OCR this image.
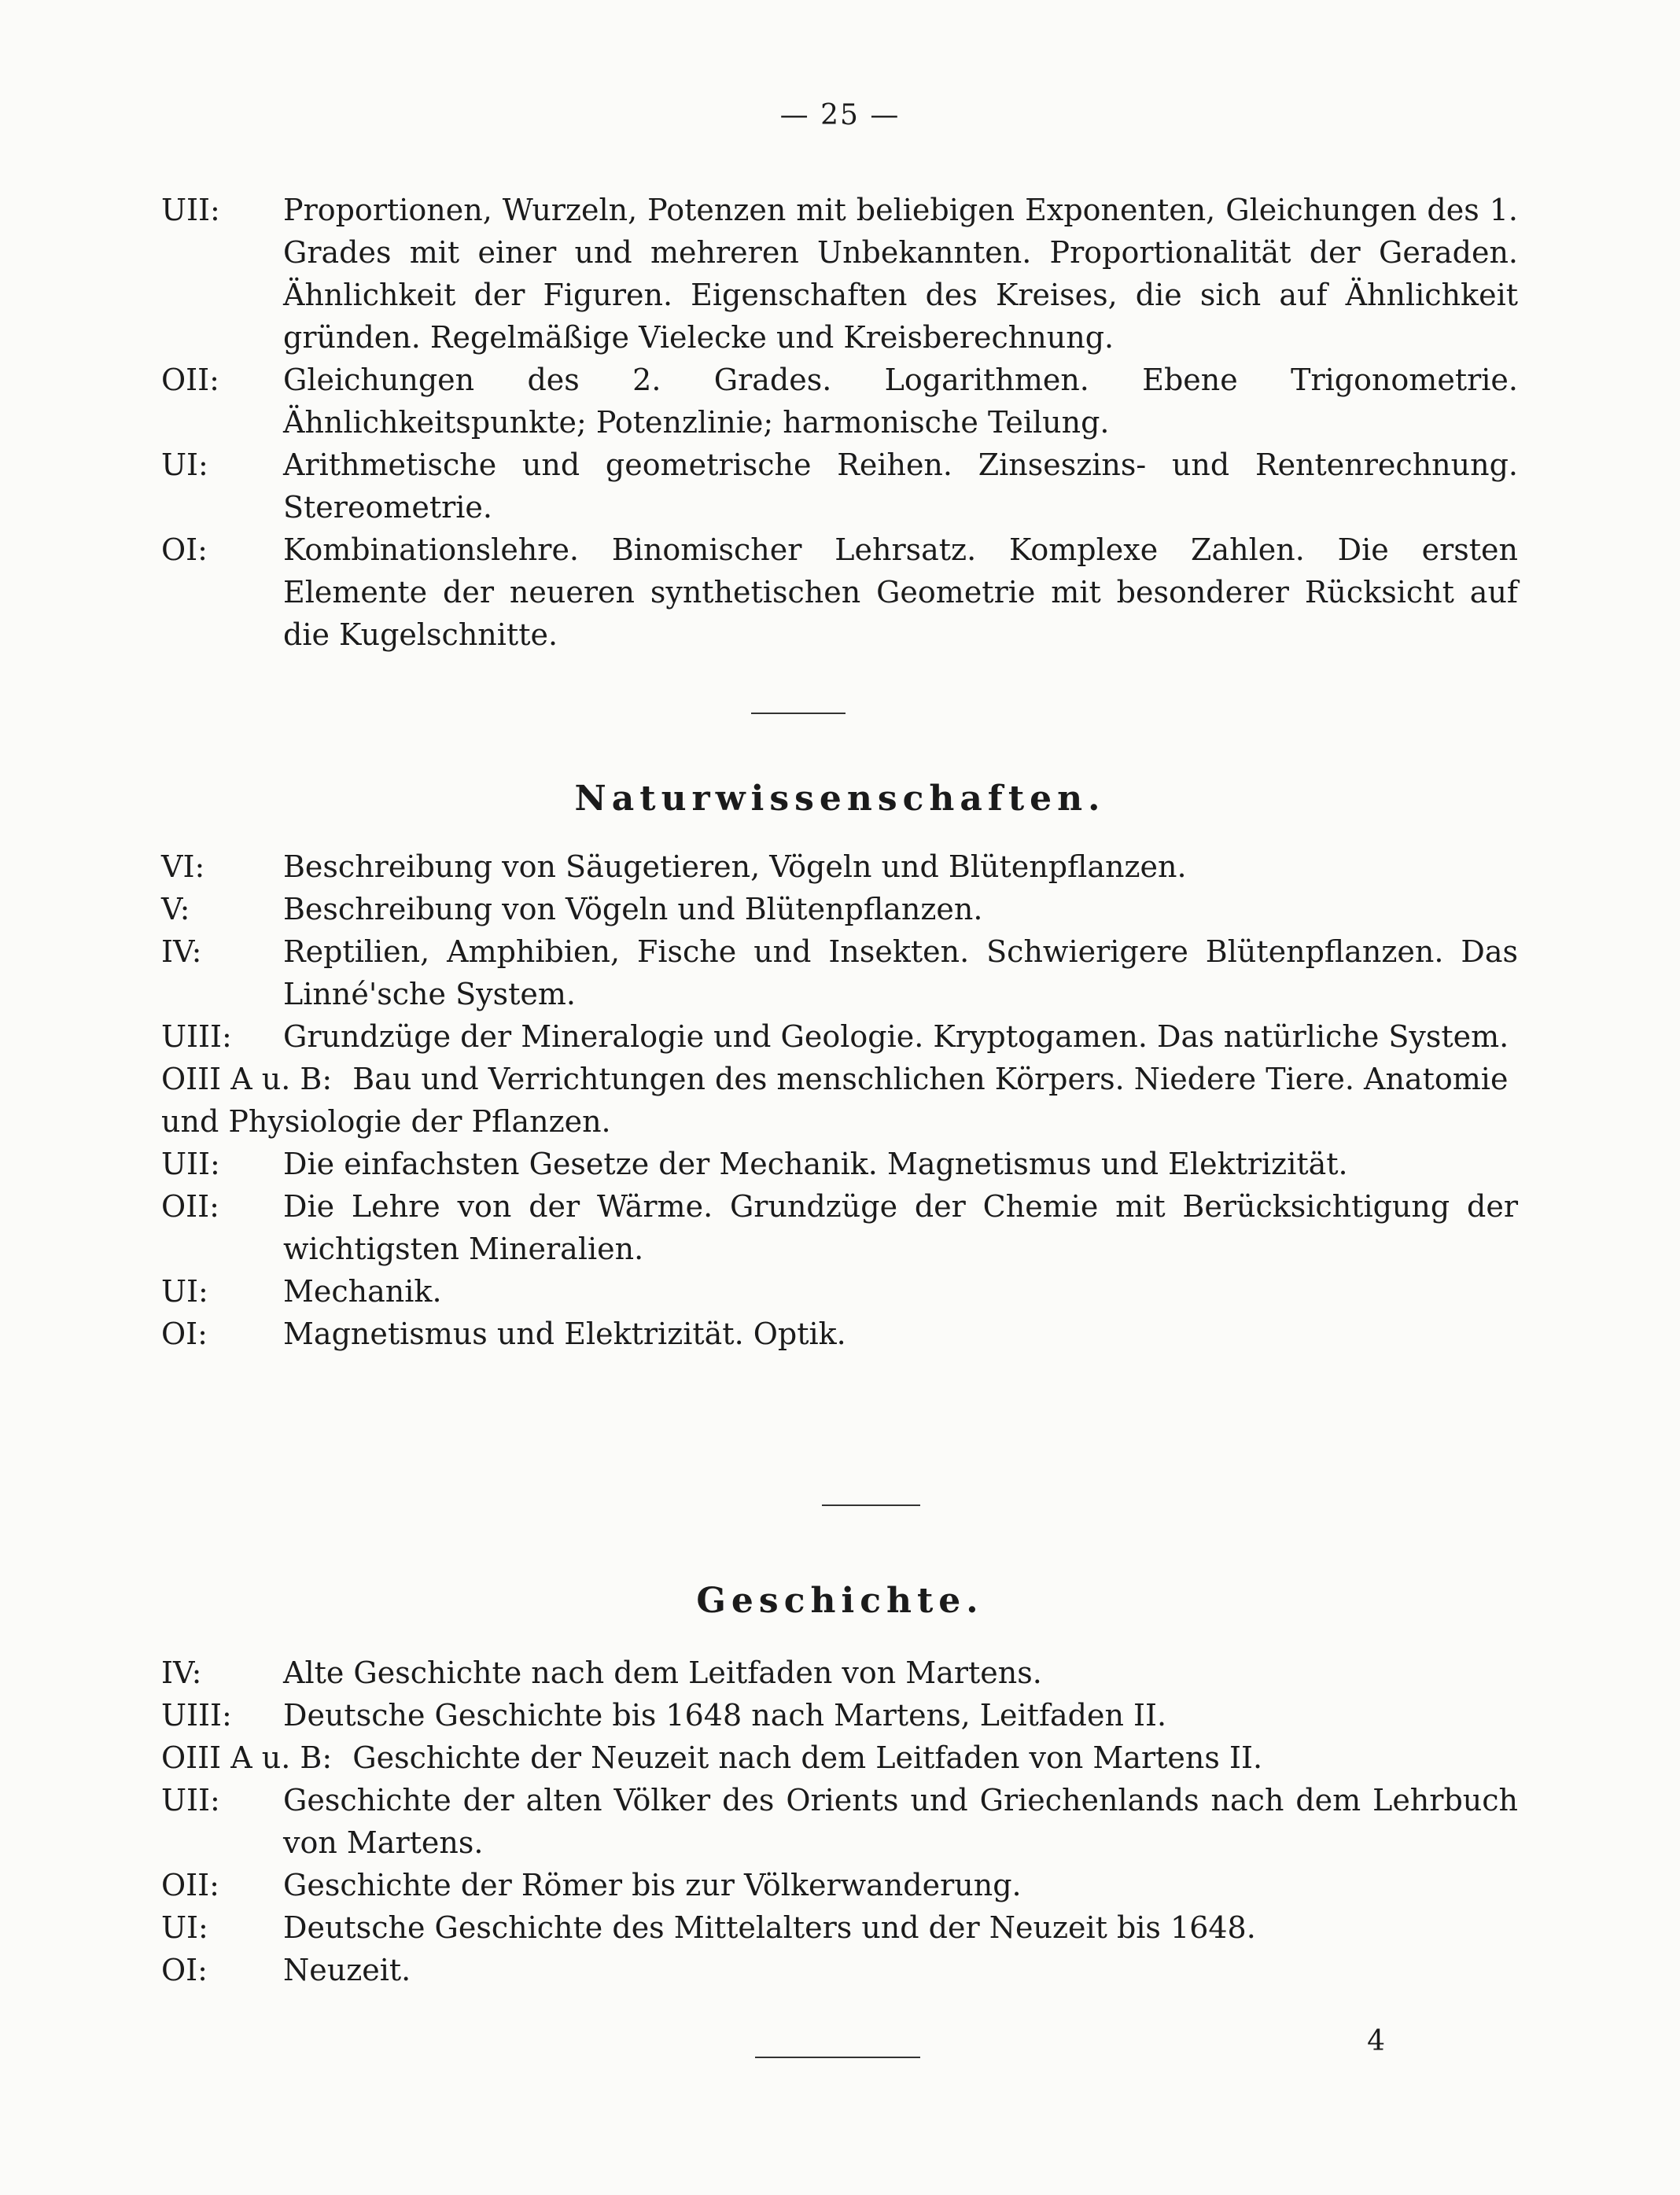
— 25 —
UII:	Proportionen, Wurzeln, Potenzen mit beliebigen Exponenten, Gleichungen des 1. Grades mit einer und mehreren Unbekannten. Proportionalität der Geraden. Ähnlichkeit der Figuren. Eigenschaften des Kreises, die sich auf Ähnlichkeit gründen. Regelmäßige Vielecke und Kreisberechnung.
OII:	Gleichungen des 2. Grades. Logarithmen. Ebene Trigonometrie. Ähnlichkeitspunkte; Potenzlinie; harmonische Teilung.
UI:	Arithmetische und geometrische Reihen. Zinseszins- und Rentenrechnung. Stereometrie.
OI:	Kombinationslehre. Binomischer Lehrsatz. Komplexe Zahlen. Die ersten Elemente der neueren synthetischen Geometrie mit besonderer Rücksicht auf die Kugelschnitte.
Naturwissenschaften.
VI:	Beschreibung von Säugetieren, Vögeln und Blütenpflanzen.
V:	Beschreibung von Vögeln und Blütenpflanzen.
IV:	Reptilien, Amphibien, Fische und Insekten. Schwierigere Blütenpflanzen. Das Linné'sche System.
UIII:	Grundzüge der Mineralogie und Geologie. Kryptogamen. Das natürliche System.
OIII A u. B: Bau und Verrichtungen des menschlichen Körpers. Niedere Tiere. Anatomie und Physiologie der Pflanzen.
UII:	Die einfachsten Gesetze der Mechanik. Magnetismus und Elektrizität.
OII:	Die Lehre von der Wärme. Grundzüge der Chemie mit Berücksichtigung der wichtigsten Mineralien.
UI:	Mechanik.
OI:	Magnetismus und Elektrizität. Optik.
Geschichte.
IV:	Alte Geschichte nach dem Leitfaden von Martens.
UIII:	Deutsche Geschichte bis 1648 nach Martens, Leitfaden II.
OIII A u. B: Geschichte der Neuzeit nach dem Leitfaden von Martens II.
UII:	Geschichte der alten Völker des Orients und Griechenlands nach dem Lehrbuch von Martens.
OII:	Geschichte der Römer bis zur Völkerwanderung.
UI:	Deutsche Geschichte des Mittelalters und der Neuzeit bis 1648.
OI:	Neuzeit.
4
